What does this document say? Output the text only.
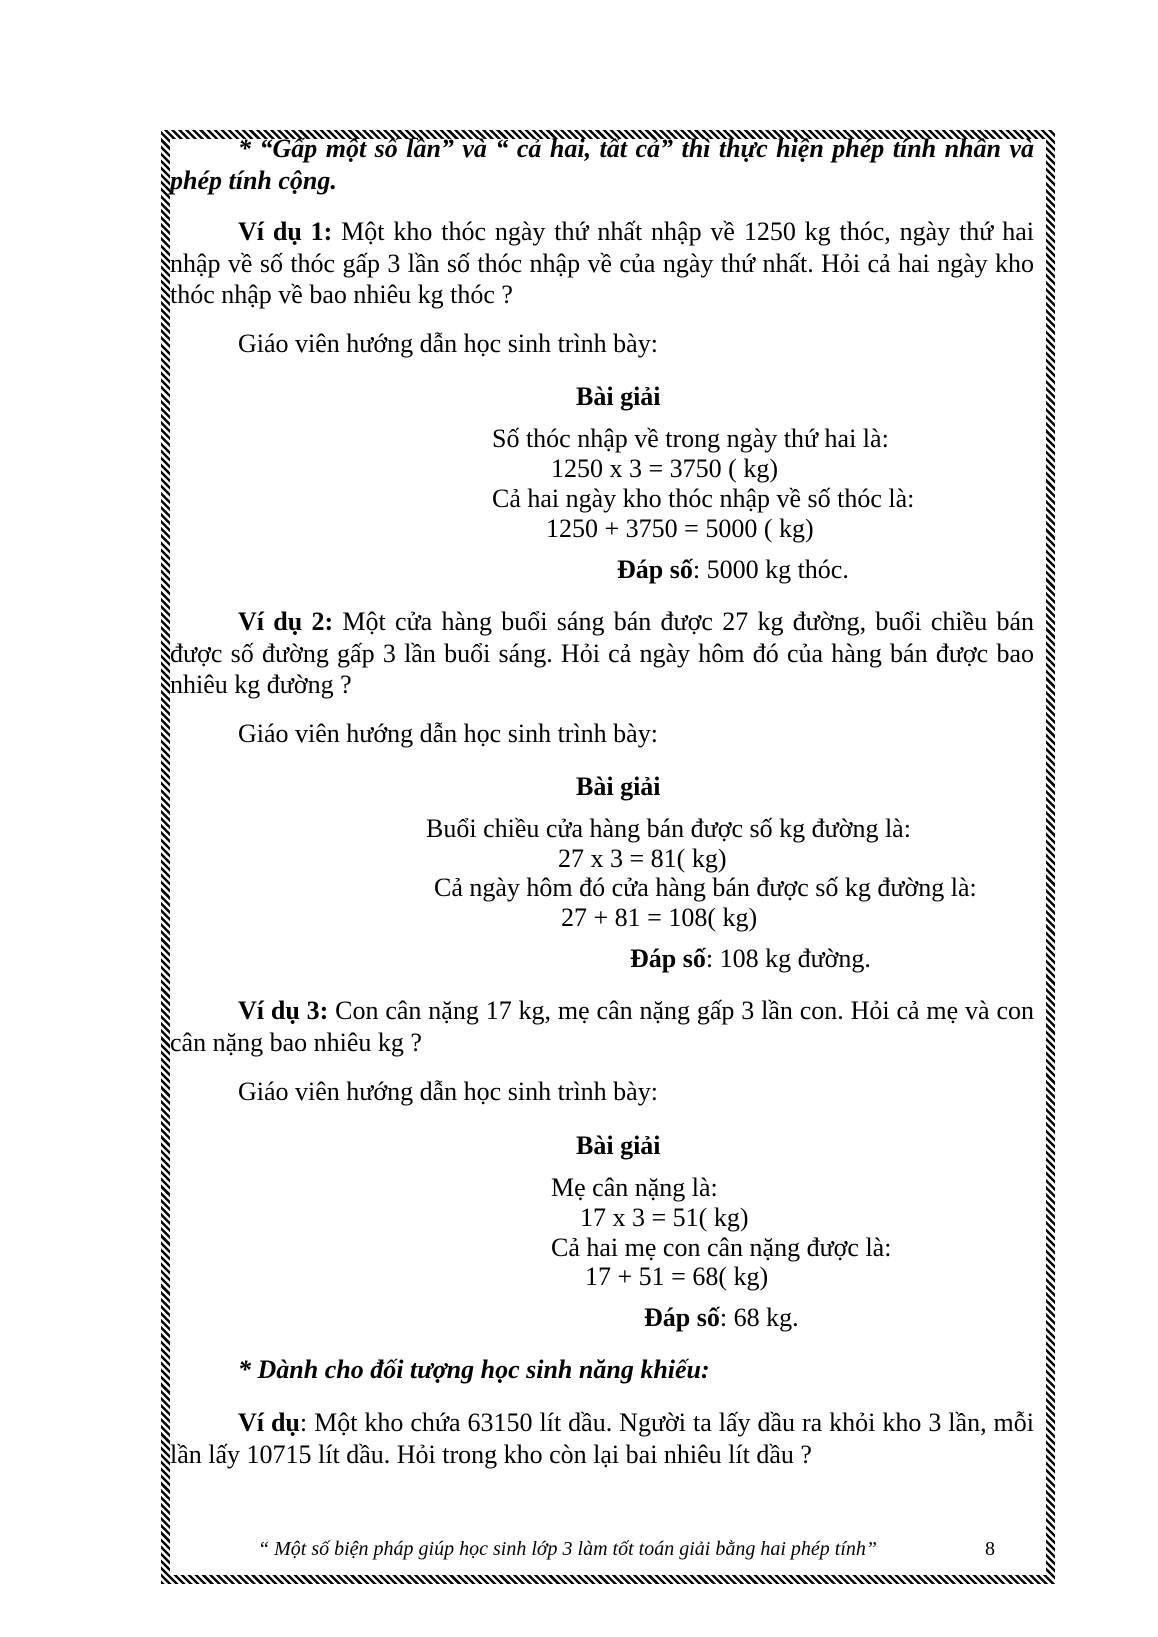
* “Gấp một số lần” và “ cả hai, tất cả” thì thực hiện phép tính nhân và phép tính cộng.
Ví dụ 1: Một kho thóc ngày thứ nhất nhập về 1250 kg thóc, ngày thứ hai nhập về số thóc gấp 3 lần số thóc nhập về của ngày thứ nhất. Hỏi cả hai ngày kho thóc nhập về bao nhiêu kg thóc ?
Giáo viên hướng dẫn học sinh trình bày:
Bài giải
Số thóc nhập về trong ngày thứ hai là:
1250 x 3 = 3750 ( kg)
Cả hai ngày kho thóc nhập về số thóc là:
1250 + 3750 = 5000 ( kg)
Đáp số: 5000 kg thóc.
Ví dụ 2: Một cửa hàng buổi sáng bán được 27 kg đường, buổi chiều bán được số đường gấp 3 lần buổi sáng. Hỏi cả ngày hôm đó của hàng bán được bao nhiêu kg đường ?
Giáo viên hướng dẫn học sinh trình bày:
Bài giải
Buổi chiều cửa hàng bán được số kg đường là:
27 x 3 = 81( kg)
Cả ngày hôm đó cửa hàng bán được số kg đường là:
27 + 81 = 108( kg)
Đáp số: 108 kg đường.
Ví dụ 3: Con cân nặng 17 kg, mẹ cân nặng gấp 3 lần con. Hỏi cả mẹ và con cân nặng bao nhiêu kg ?
Giáo viên hướng dẫn học sinh trình bày:
Bài giải
Mẹ cân nặng là:
17 x 3 = 51( kg)
Cả hai mẹ con cân nặng được là:
17 + 51 = 68( kg)
Đáp số: 68 kg.
* Dành cho đối tượng học sinh năng khiếu:
Ví dụ: Một kho chứa 63150 lít dầu. Người ta lấy dầu ra khỏi kho 3 lần, mỗi lần lấy 10715 lít dầu. Hỏi trong kho còn lại bai nhiêu lít dầu ?
“ Một số biện pháp giúp học sinh lớp 3 làm tốt toán giải bằng hai phép tính”	8
